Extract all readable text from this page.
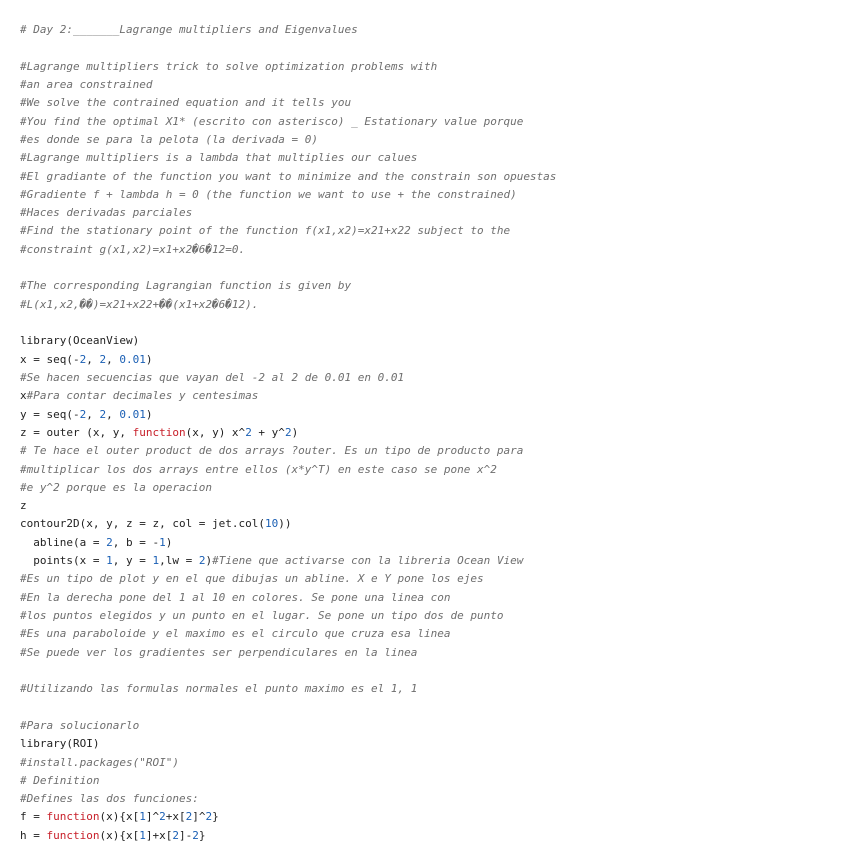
# Day 2:_______Lagrange multipliers and Eigenvalues
#Lagrange multipliers trick to solve optimization problems with
#an area constrained
#We solve the contrained equation and it tells you
#You find the optimal X1* (escrito con asterisco) _ Estationary value porque
#es donde se para la pelota (la derivada = 0)
#Lagrange multipliers is a lambda that multiplies our calues
#El gradiante of the function you want to minimize and the constrain son opuestas
#Gradiente f + lambda h = 0 (the function we want to use + the constrained)
#Haces derivadas parciales
#Find the stationary point of the function f(x1,x2)=x21+x22 subject to the
#constraint g(x1,x2)=x1+x2�6�12=0.
#The corresponding Lagrangian function is given by
#L(x1,x2,��)=x21+x22+��(x1+x2�6�12).
library(OceanView)
x = seq(-2, 2, 0.01)
#Se hacen secuencias que vayan del -2 al 2 de 0.01 en 0.01
x#Para contar decimales y centesimas
y = seq(-2, 2, 0.01)
z = outer (x, y, function(x, y) x^2 + y^2)
# Te hace el outer product de dos arrays ?outer. Es un tipo de producto para
#multiplicar los dos arrays entre ellos (x*y^T) en este caso se pone x^2
#e y^2 porque es la operacion
z
contour2D(x, y, z = z, col = jet.col(10))
abline(a = 2, b = -1)
points(x = 1, y = 1,lw = 2)#Tiene que activarse con la libreria Ocean View
#Es un tipo de plot y en el que dibujas un abline. X e Y pone los ejes
#En la derecha pone del 1 al 10 en colores. Se pone una linea con
#los puntos elegidos y un punto en el lugar. Se pone un tipo dos de punto
#Es una paraboloide y el maximo es el circulo que cruza esa linea
#Se puede ver los gradientes ser perpendiculares en la linea
#Utilizando las formulas normales el punto maximo es el 1, 1
#Para solucionarlo
library(ROI)
#install.packages("ROI")
# Definition
#Defines las dos funciones:
f = function(x){x[1]^2+x[2]^2}
h = function(x){x[1]+x[2]-2}
